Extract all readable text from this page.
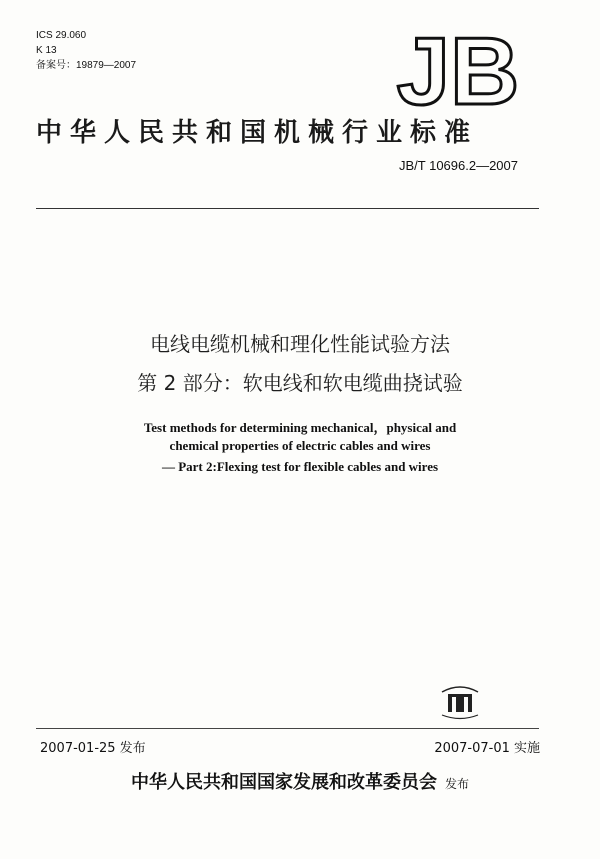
ICS 29.060
K 13
备案号：19879—2007	JB
中华人民共和国机械行业标准
JB/T 10696.2—2007
电线电缆机械和理化性能试验方法
第 2 部分：软电线和软电缆曲挠试验
Test methods for determining mechanical，physical and
chemical properties of electric cables and wires
— Part 2:Flexing test for flexible cables and wires
2007-01-25 发布	2007-07-01 实施
中华人民共和国国家发展和改革委员会 发布
